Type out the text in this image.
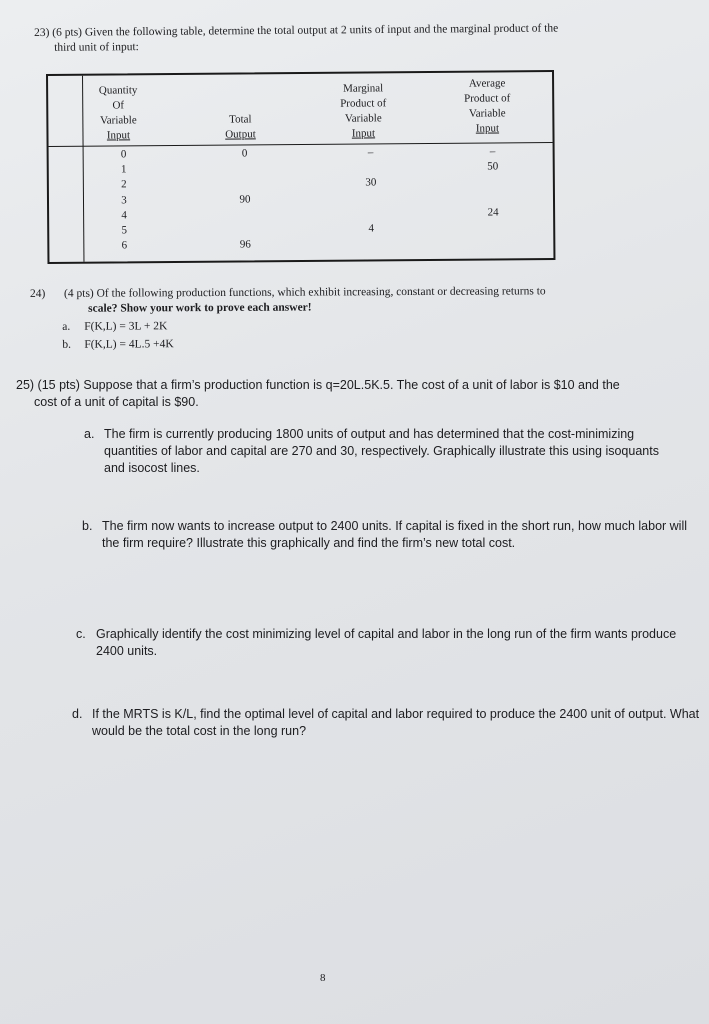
23) (6 pts) Given the following table, determine the total output at 2 units of input and the marginal product of the
third unit of input:
Quantity
Of
Variable
Input
Total
Output
Marginal
Product of
Variable
Input
Average
Product of
Variable
Input
0
1
2
3
4
5
6
0
90
96
–
30
4
–
50
24
24) (4 pts) Of the following production functions, which exhibit increasing, constant or decreasing returns to
scale? Show your work to prove each answer!
a. F(K,L) = 3L + 2K
b. F(K,L) = 4L.5 +4K
25) (15 pts) Suppose that a firm’s production function is q=20L.5K.5. The cost of a unit of labor is $10 and the
cost of a unit of capital is $90.
a. The firm is currently producing 1800 units of output and has determined that the cost-minimizing quantities of labor and capital are 270 and 30, respectively. Graphically illustrate this using isoquants and isocost lines.
b. The firm now wants to increase output to 2400 units. If capital is fixed in the short run, how much labor will the firm require? Illustrate this graphically and find the firm’s new total cost.
c. Graphically identify the cost minimizing level of capital and labor in the long run of the firm wants produce 2400 units.
d. If the MRTS is K/L, find the optimal level of capital and labor required to produce the 2400 unit of output. What would be the total cost in the long run?
8
